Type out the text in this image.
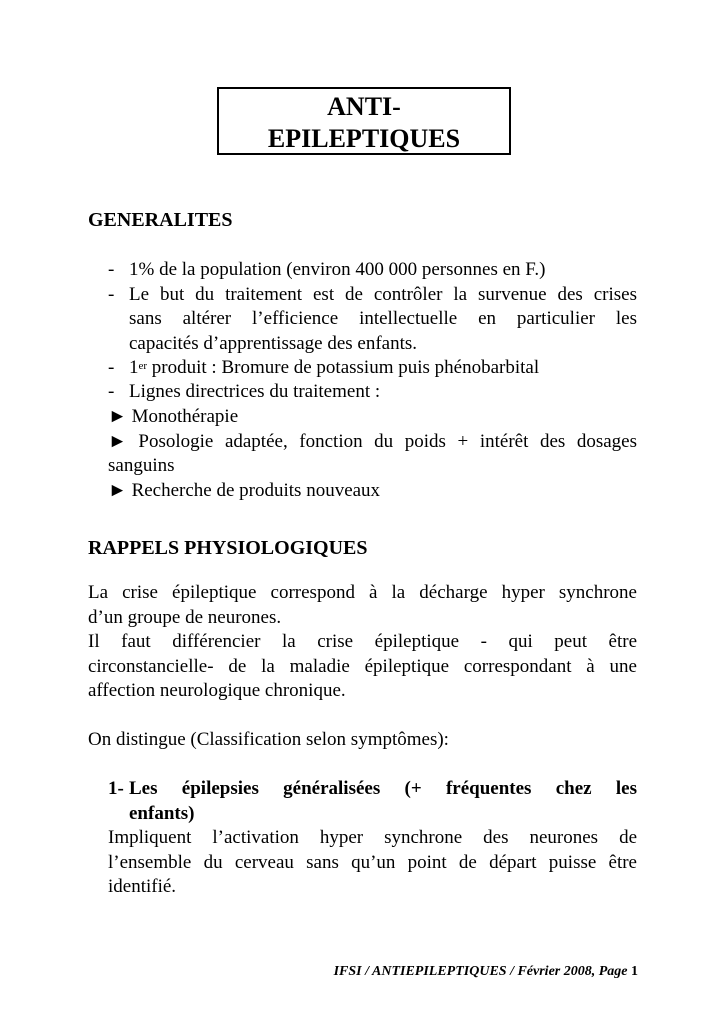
ANTI-
EPILEPTIQUES
GENERALITES
- 1% de la population (environ 400 000 personnes en F.)
- Le but du traitement est de contrôler la survenue des crises
sans altérer l’efficience intellectuelle en particulier les
capacités d’apprentissage des enfants.
- 1er produit : Bromure de potassium puis phénobarbital
- Lignes directrices du traitement :
► Monothérapie
► Posologie adaptée, fonction du poids + intérêt des dosages
sanguins
► Recherche de produits nouveaux
RAPPELS PHYSIOLOGIQUES
La crise épileptique correspond à la décharge hyper synchrone
d’un groupe de neurones.
Il faut différencier la crise épileptique - qui peut être
circonstancielle- de la maladie épileptique correspondant à une
affection neurologique chronique.
On distingue (Classification selon symptômes):
1- Les épilepsies généralisées (+ fréquentes chez les
enfants)
Impliquent l’activation hyper synchrone des neurones de
l’ensemble du cerveau sans qu’un point de départ puisse être
identifié.
IFSI / ANTIEPILEPTIQUES / Février 2008, Page 1
